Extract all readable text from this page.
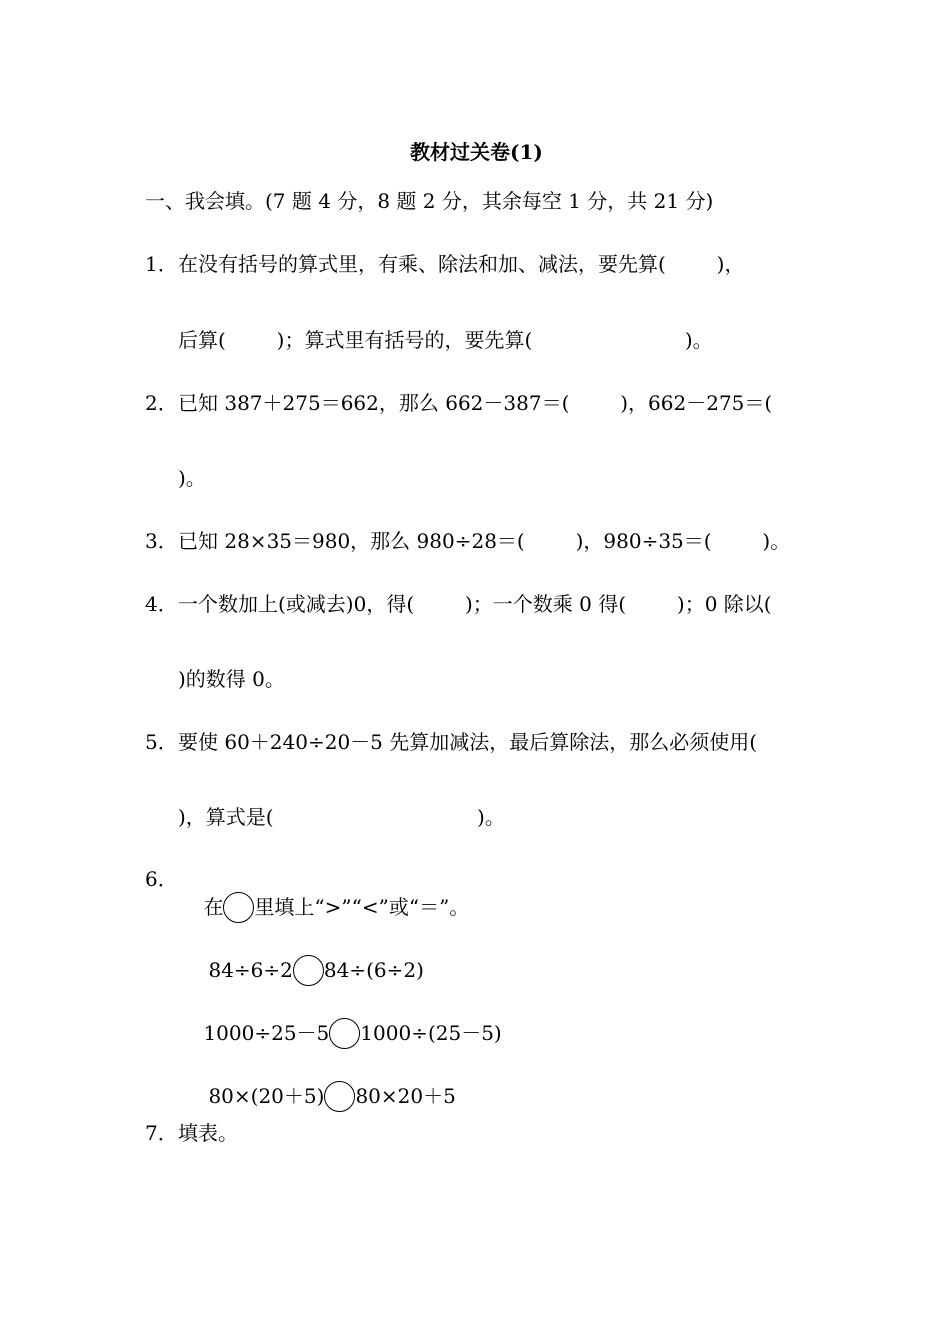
教材过关卷(1)
一、我会填。(7 题 4 分，8 题 2 分，其余每空 1 分，共 21 分)
1． 在没有括号的算式里，有乘、除法和加、减法，要先算(        )，
后算(        )；算式里有括号的，要先算(                        )。
2． 已知 387＋275＝662，那么 662－387＝(        )，662－275＝(
)。
3． 已知 28×35＝980，那么 980÷28＝(        )，980÷35＝(        )。
4． 一个数加上(或减去)0，得(        )；一个数乘 0 得(        )；0 除以(
)的数得 0。
5． 要使 60＋240÷20－5 先算加减法，最后算除法，那么必须使用(
)，算式是(                                )。
6．

在 里填上“>”“<”或“＝”。

84÷6÷2 84÷(6÷2)

1000÷25－5 1000÷(25－5)

80×(20＋5) 80×20＋5

7． 填表。
